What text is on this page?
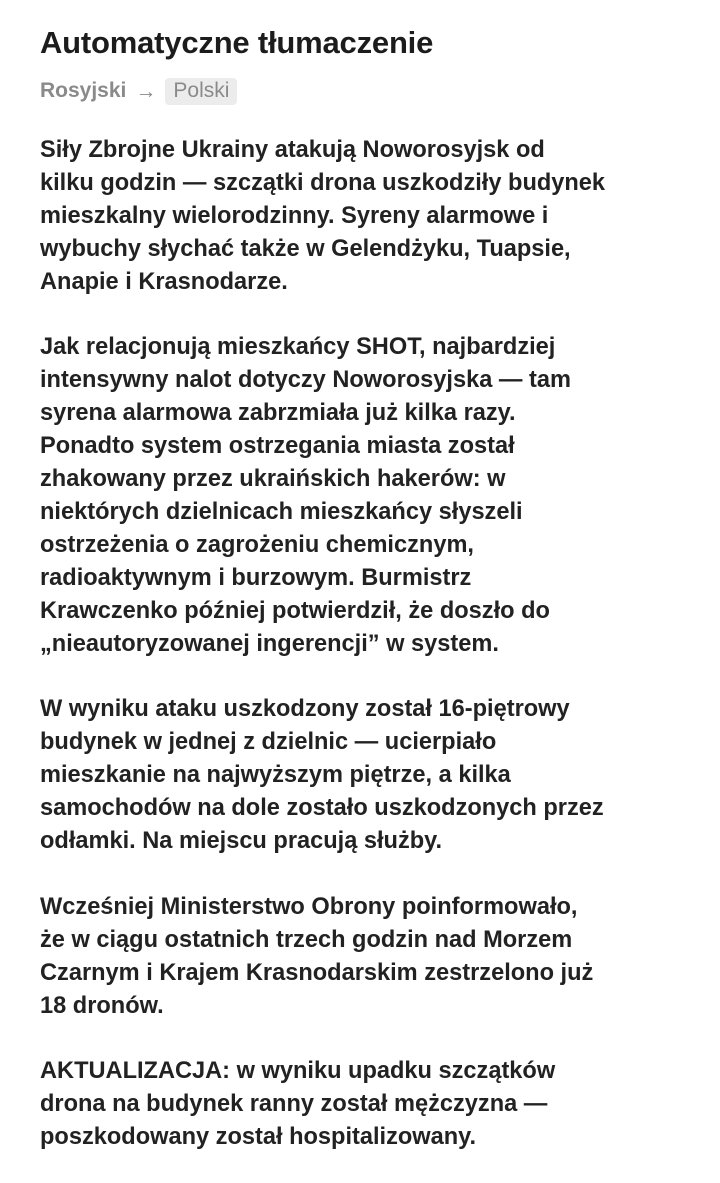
Automatyczne tłumaczenie
Rosyjski → Polski

Siły Zbrojne Ukrainy atakują Noworosyjsk od
kilku godzin — szczątki drona uszkodziły budynek
mieszkalny wielorodzinny. Syreny alarmowe i
wybuchy słychać także w Gelendżyku, Tuapsie,
Anapie i Krasnodarze.

Jak relacjonują mieszkańcy SHOT, najbardziej
intensywny nalot dotyczy Noworosyjska — tam
syrena alarmowa zabrzmiała już kilka razy.
Ponadto system ostrzegania miasta został
zhakowany przez ukraińskich hakerów: w
niektórych dzielnicach mieszkańcy słyszeli
ostrzeżenia o zagrożeniu chemicznym,
radioaktywnym i burzowym. Burmistrz
Krawczenko później potwierdził, że doszło do
„nieautoryzowanej ingerencji” w system.

W wyniku ataku uszkodzony został 16-piętrowy
budynek w jednej z dzielnic — ucierpiało
mieszkanie na najwyższym piętrze, a kilka
samochodów na dole zostało uszkodzonych przez
odłamki. Na miejscu pracują służby.

Wcześniej Ministerstwo Obrony poinformowało,
że w ciągu ostatnich trzech godzin nad Morzem
Czarnym i Krajem Krasnodarskim zestrzelono już
18 dronów.

AKTUALIZACJA: w wyniku upadku szczątków
drona na budynek ranny został mężczyzna —
poszkodowany został hospitalizowany.
